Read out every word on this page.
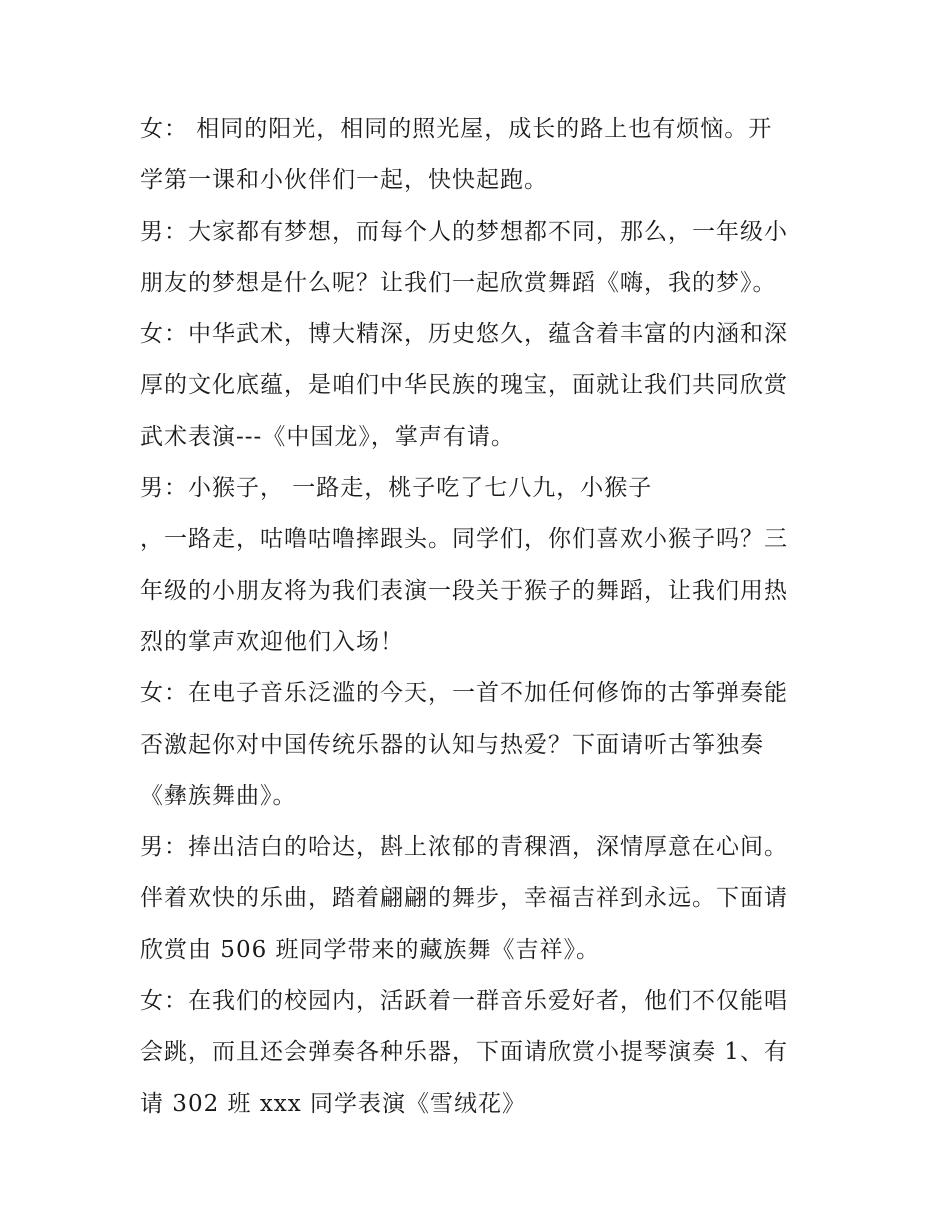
女： 相同的阳光，相同的照光屋，成长的路上也有烦恼。开
学第一课和小伙伴们一起，快快起跑。
男：大家都有梦想，而每个人的梦想都不同，那么，一年级小
朋友的梦想是什么呢？让我们一起欣赏舞蹈《嗨，我的梦》。
女：中华武术，博大精深，历史悠久，蕴含着丰富的内涵和深
厚的文化底蕴，是咱们中华民族的瑰宝，面就让我们共同欣赏
武术表演---《中国龙》，掌声有请。
男：小猴子， 一路走，桃子吃了七八九，小猴子
，一路走，咕噜咕噜摔跟头。同学们，你们喜欢小猴子吗？三
年级的小朋友将为我们表演一段关于猴子的舞蹈，让我们用热
烈的掌声欢迎他们入场！
女：在电子音乐泛滥的今天，一首不加任何修饰的古筝弹奏能
否激起你对中国传统乐器的认知与热爱？下面请听古筝独奏
《彝族舞曲》。
男：捧出洁白的哈达，斟上浓郁的青稞酒，深情厚意在心间。
伴着欢快的乐曲，踏着翩翩的舞步，幸福吉祥到永远。下面请
欣赏由 506 班同学带来的藏族舞《吉祥》。
女：在我们的校园内，活跃着一群音乐爱好者，他们不仅能唱
会跳，而且还会弹奏各种乐器，下面请欣赏小提琴演奏 1、有
请 302 班 xxx 同学表演《雪绒花》
